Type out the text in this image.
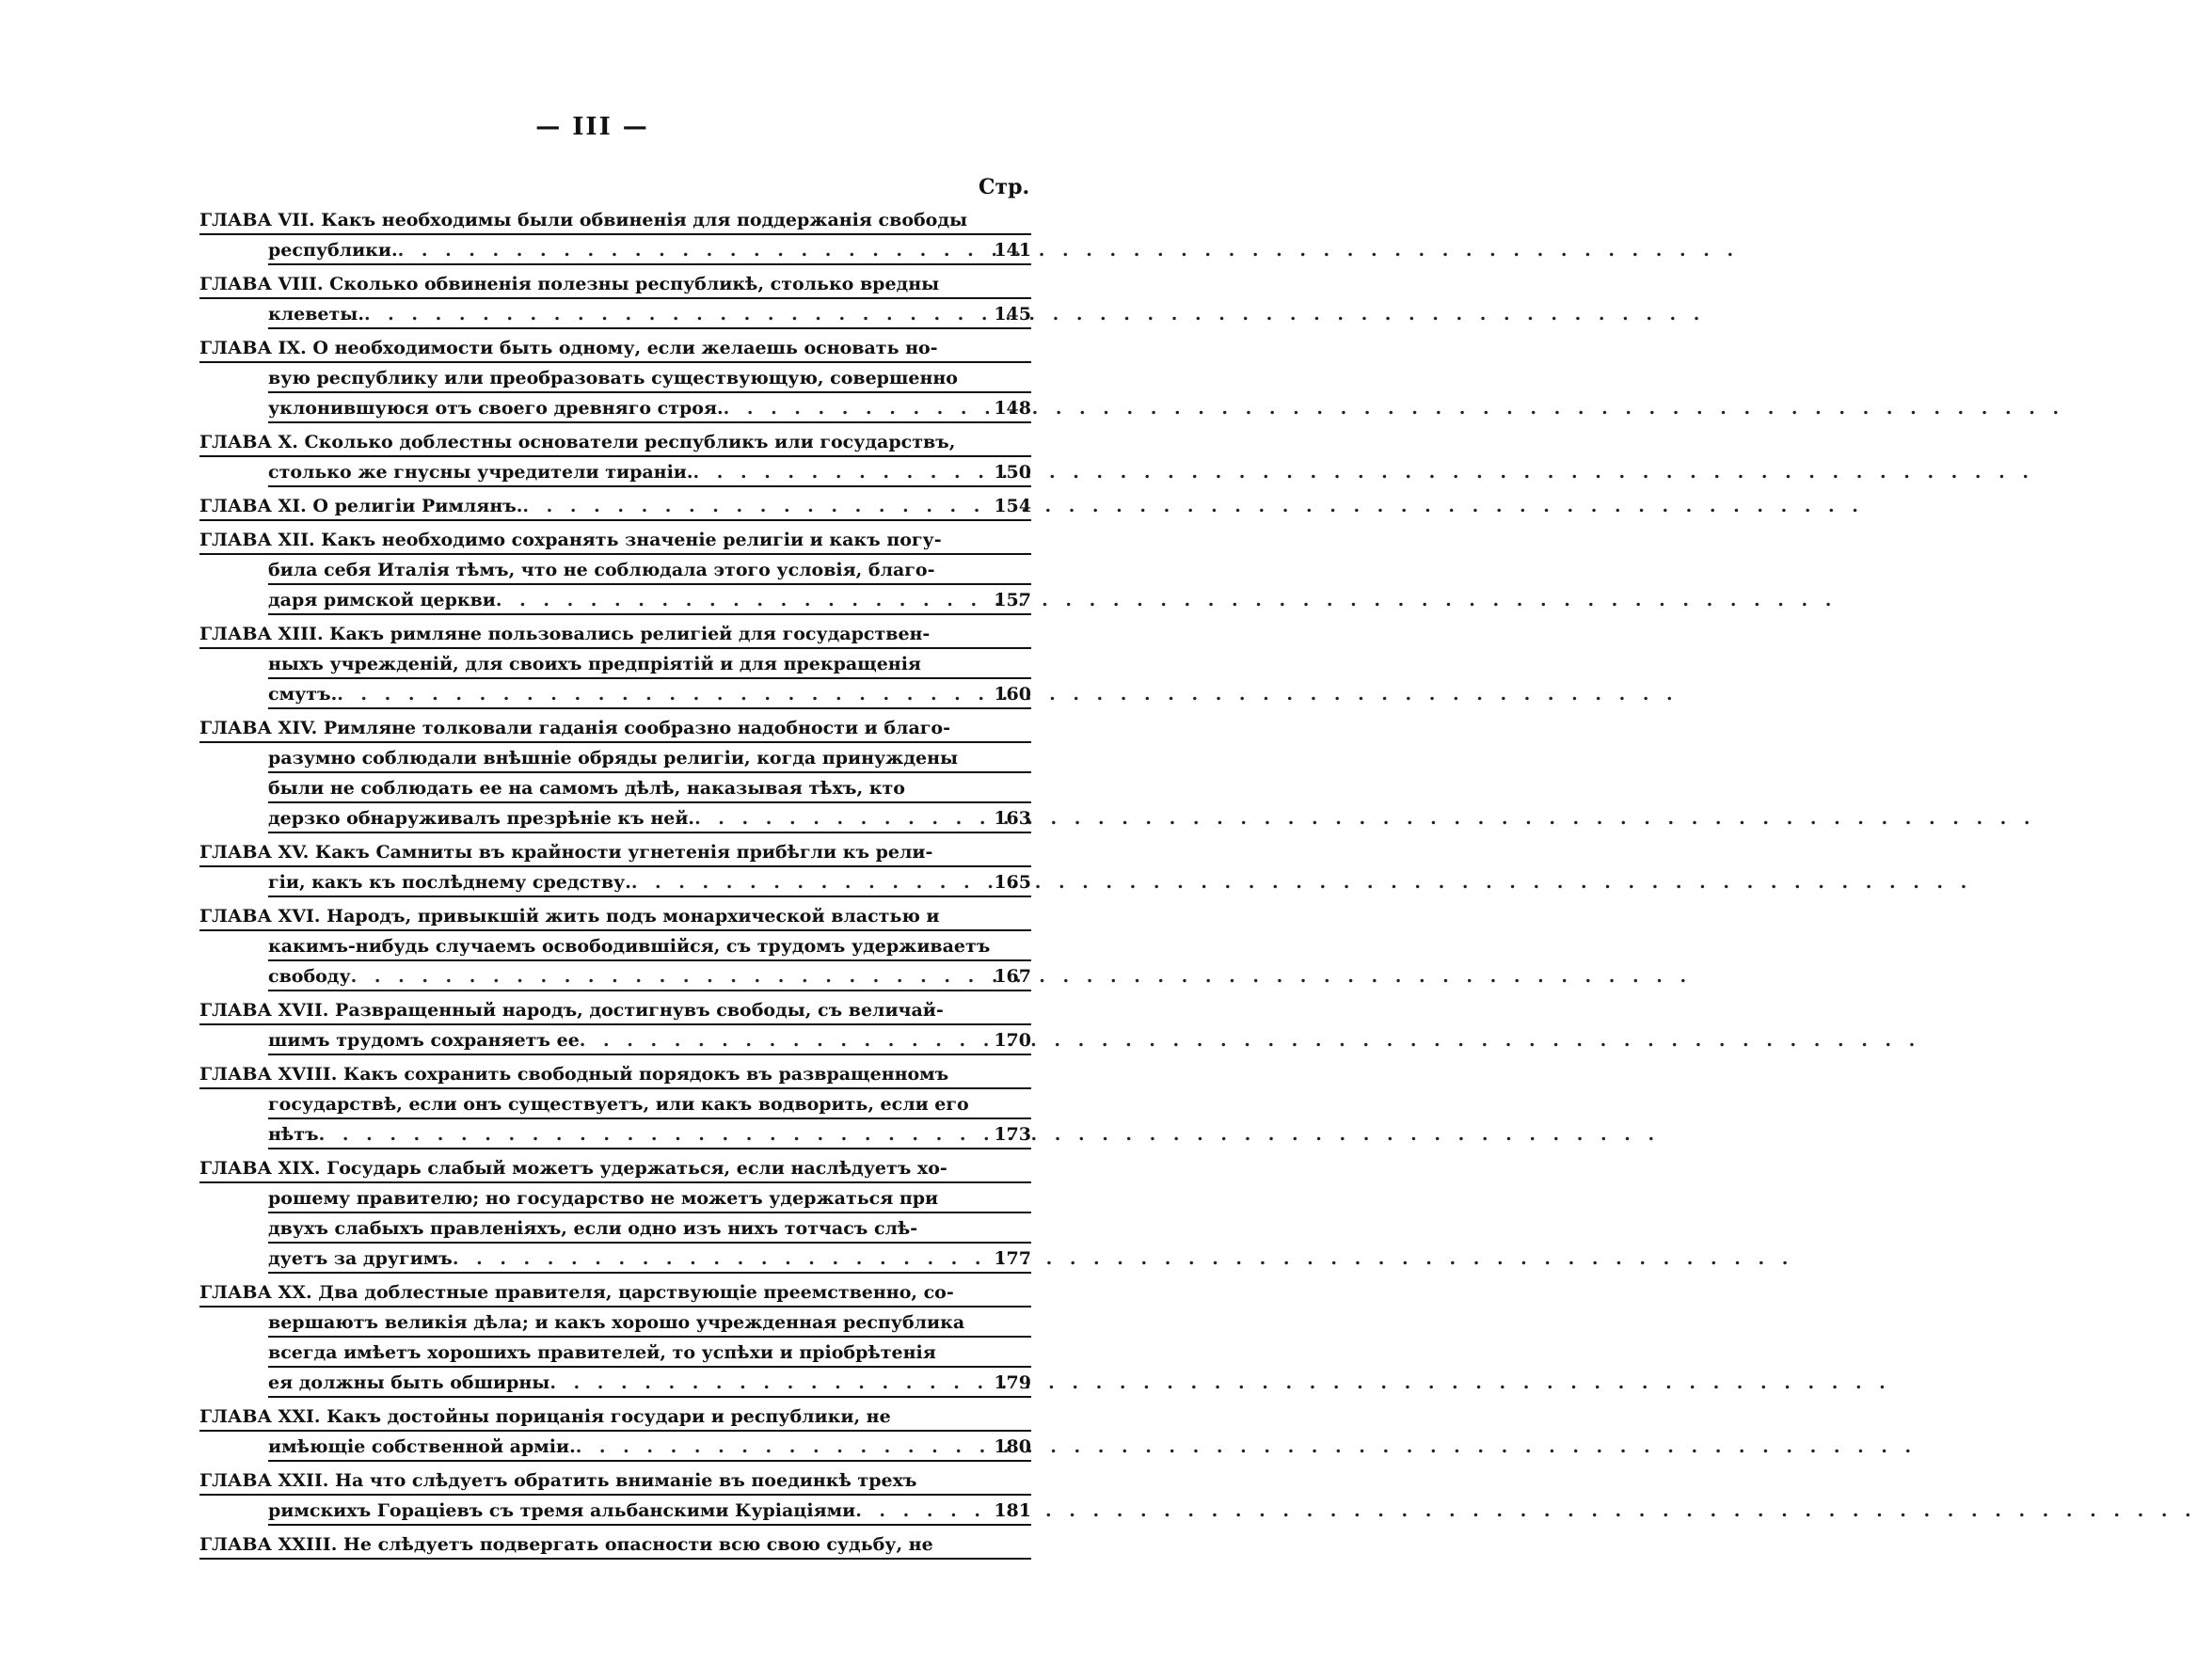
— III —
Стр.
ГЛАВА VII. Какъ необходимы были обвиненія для поддержанія свободы
республики. . . .	141
ГЛАВА VIII. Сколько обвиненія полезны республикѣ, столько вредны
клеветы. . . .	145
ГЛАВА IX. О необходимости быть одному, если желаешь основать но-
вую республику или преобразовать существующую, совершенно
уклонившуюся отъ своего древняго строя. . . .	148
ГЛАВА X. Сколько доблестны основатели республикъ или государствъ,
столько же гнусны учредители тираніи. . . .	150
ГЛАВА XI. О религіи Римлянъ. . . .	154
ГЛАВА XII. Какъ необходимо сохранять значеніе религіи и какъ погу-
била себя Италія тѣмъ, что не соблюдала этого условія, благо-
даря римской церкви . . .	157
ГЛАВА XIII. Какъ римляне пользовались религіей для государствен-
ныхъ учрежденій, для своихъ предпріятій и для прекращенія
смутъ. . . .	160
ГЛАВА XIV. Римляне толковали гаданія сообразно надобности и благо-
разумно соблюдали внѣшніе обряды религіи, когда принуждены
были не соблюдать ее на самомъ дѣлѣ, наказывая тѣхъ, кто
дерзко обнаруживалъ презрѣніе къ ней. . . .	163
ГЛАВА XV. Какъ Самниты въ крайности угнетенія прибѣгли къ рели-
гіи, какъ къ послѣднему средству. . . .	165
ГЛАВА XVI. Народъ, привыкшій жить подъ монархической властью и
какимъ-нибудь случаемъ освободившійся, съ трудомъ удерживаетъ
свободу . . .	167
ГЛАВА XVII. Развращенный народъ, достигнувъ свободы, съ величай-
шимъ трудомъ сохраняетъ ее . . .	170
ГЛАВА XVIII. Какъ сохранить свободный порядокъ въ развращенномъ
государствѣ, если онъ существуетъ, или какъ водворить, если его
нѣтъ . . .	173
ГЛАВА XIX. Государь слабый можетъ удержаться, если наслѣдуетъ хо-
рошему правителю; но государство не можетъ удержаться при
двухъ слабыхъ правленіяхъ, если одно изъ нихъ тотчасъ слѣ-
дуетъ за другимъ . . .	177
ГЛАВА XX. Два доблестные правителя, царствующіе преемственно, со-
вершаютъ великія дѣла; и какъ хорошо учрежденная республика
всегда имѣетъ хорошихъ правителей, то успѣхи и пріобрѣтенія
ея должны быть обширны . . .	179
ГЛАВА XXI. Какъ достойны порицанія государи и республики, не
имѣющіе собственной арміи. . . .	180
ГЛАВА XXII. На что слѣдуетъ обратить вниманіе въ поединкѣ трехъ
римскихъ Гораціевъ съ тремя альбанскими Куріаціями . . .	181
ГЛАВА XXIII. Не слѣдуетъ подвергать опасности всю свою судьбу, не
